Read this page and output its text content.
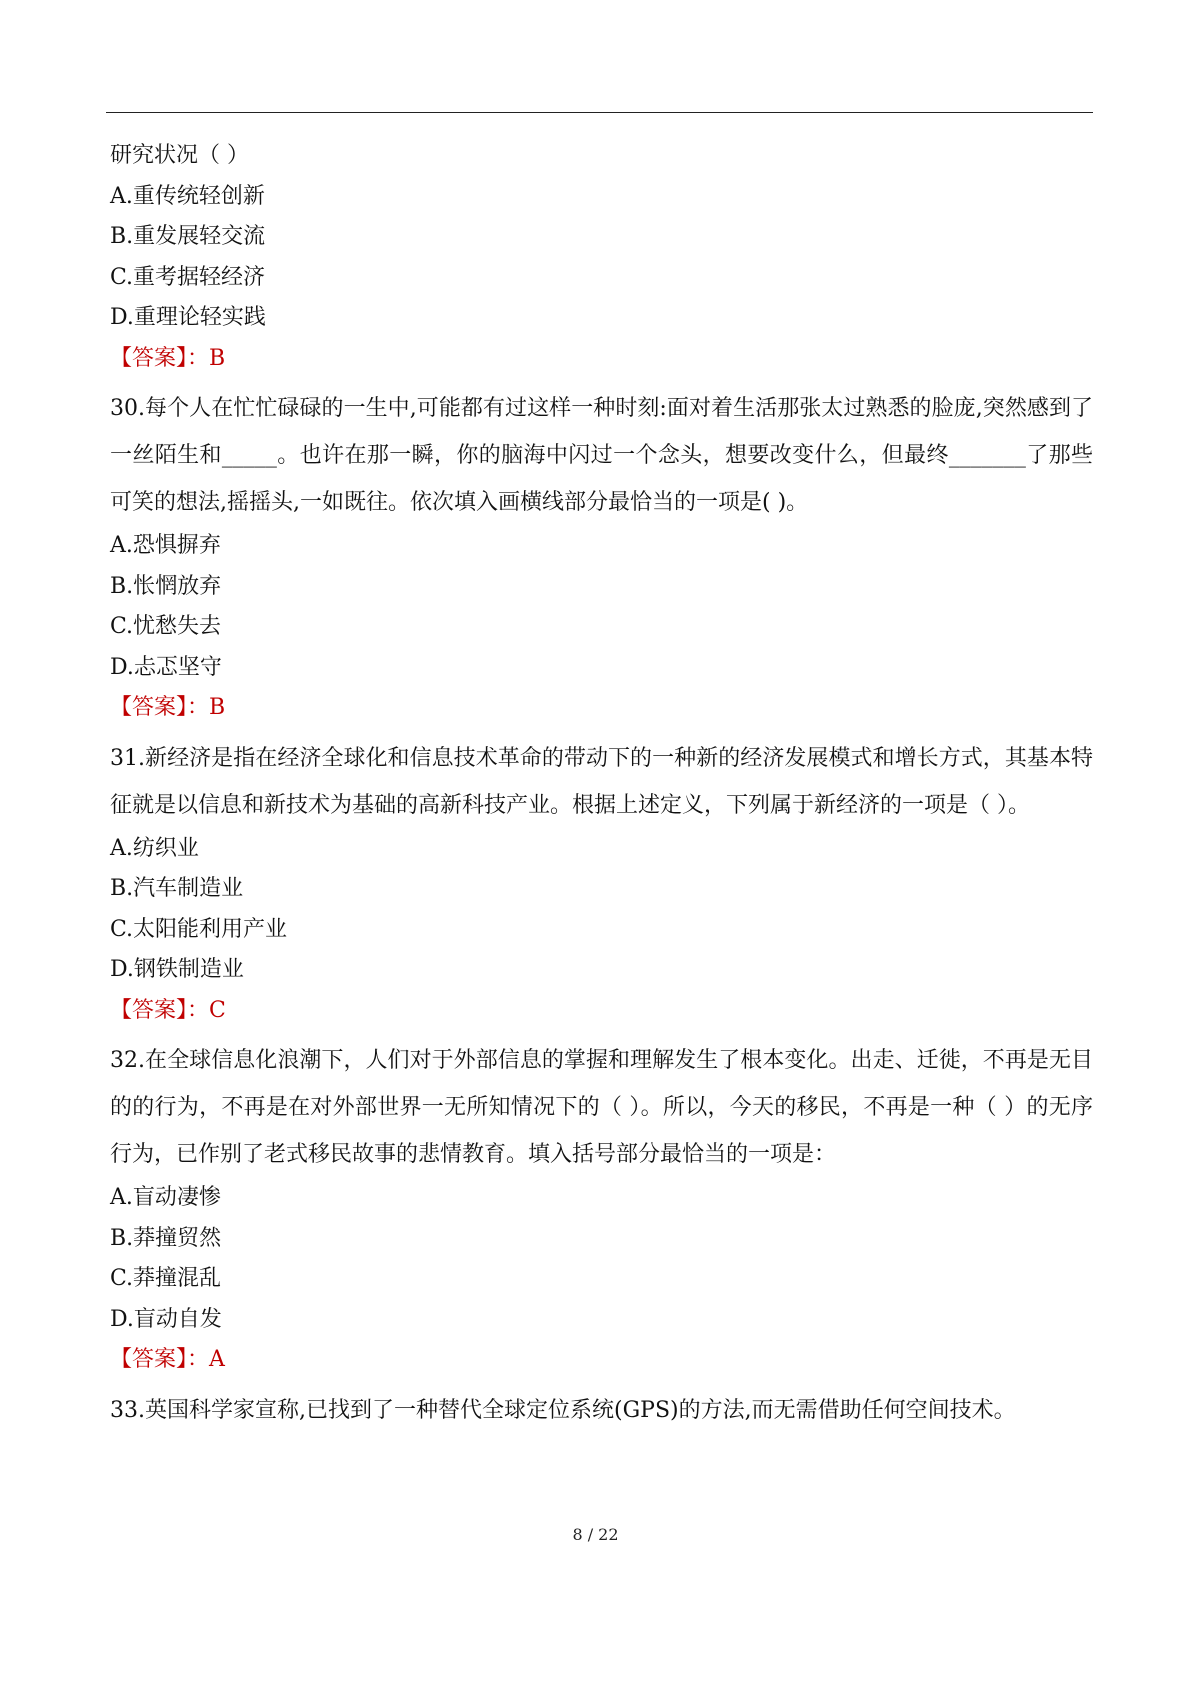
研究状况（ ）

A.重传统轻创新

B.重发展轻交流

C.重考据轻经济

D.重理论轻实践

【答案】：B

30.每个人在忙忙碌碌的一生中,可能都有过这样一种时刻:面对着生活那张太过熟悉的脸庞,突然感到了一丝陌生和_____。也许在那一瞬，你的脑海中闪过一个念头，想要改变什么，但最终_______了那些可笑的想法,摇摇头,一如既往。依次填入画横线部分最恰当的一项是( )。

A.恐惧摒弃

B.怅惘放弃

C.忧愁失去

D.忐忑坚守

【答案】：B

31.新经济是指在经济全球化和信息技术革命的带动下的一种新的经济发展模式和增长方式，其基本特征就是以信息和新技术为基础的高新科技产业。根据上述定义，下列属于新经济的一项是（ ）。

A.纺织业

B.汽车制造业

C.太阳能利用产业

D.钢铁制造业

【答案】：C

32.在全球信息化浪潮下，人们对于外部信息的掌握和理解发生了根本变化。出走、迁徙，不再是无目的的行为，不再是在对外部世界一无所知情况下的（ ）。所以，今天的移民，不再是一种（ ）的无序行为，已作别了老式移民故事的悲情教育。填入括号部分最恰当的一项是：

A.盲动凄惨

B.莽撞贸然

C.莽撞混乱

D.盲动自发

【答案】：A

33.英国科学家宣称,已找到了一种替代全球定位系统(GPS)的方法,而无需借助任何空间技术。

8 / 22
